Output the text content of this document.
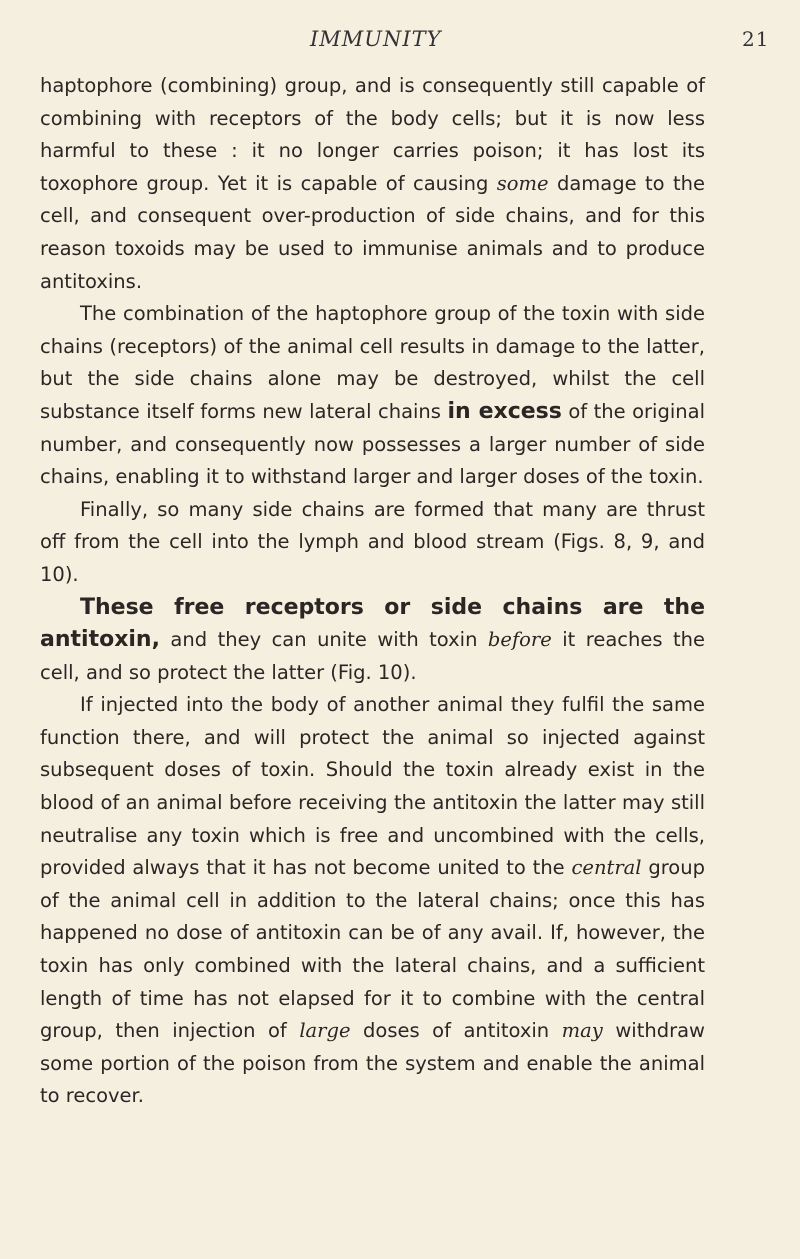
IMMUNITY	21

haptophore (combining) group, and is consequently still capable of combining with receptors of the body cells; but it is now less harmful to these : it no longer carries poison; it has lost its toxophore group. Yet it is capable of causing some damage to the cell, and consequent over-production of side chains, and for this reason toxoids may be used to immunise animals and to produce antitoxins.

The combination of the haptophore group of the toxin with side chains (receptors) of the animal cell results in damage to the latter, but the side chains alone may be destroyed, whilst the cell substance itself forms new lateral chains in excess of the original number, and consequently now possesses a larger number of side chains, enabling it to withstand larger and larger doses of the toxin.

Finally, so many side chains are formed that many are thrust off from the cell into the lymph and blood stream (Figs. 8, 9, and 10).

These free receptors or side chains are the antitoxin, and they can unite with toxin before it reaches the cell, and so protect the latter (Fig. 10).

If injected into the body of another animal they fulfil the same function there, and will protect the animal so injected against subsequent doses of toxin. Should the toxin already exist in the blood of an animal before receiving the antitoxin the latter may still neutralise any toxin which is free and uncombined with the cells, provided always that it has not become united to the central group of the animal cell in addition to the lateral chains; once this has happened no dose of antitoxin can be of any avail. If, however, the toxin has only combined with the lateral chains, and a sufficient length of time has not elapsed for it to combine with the central group, then injection of large doses of antitoxin may withdraw some portion of the poison from the system and enable the animal to recover.
